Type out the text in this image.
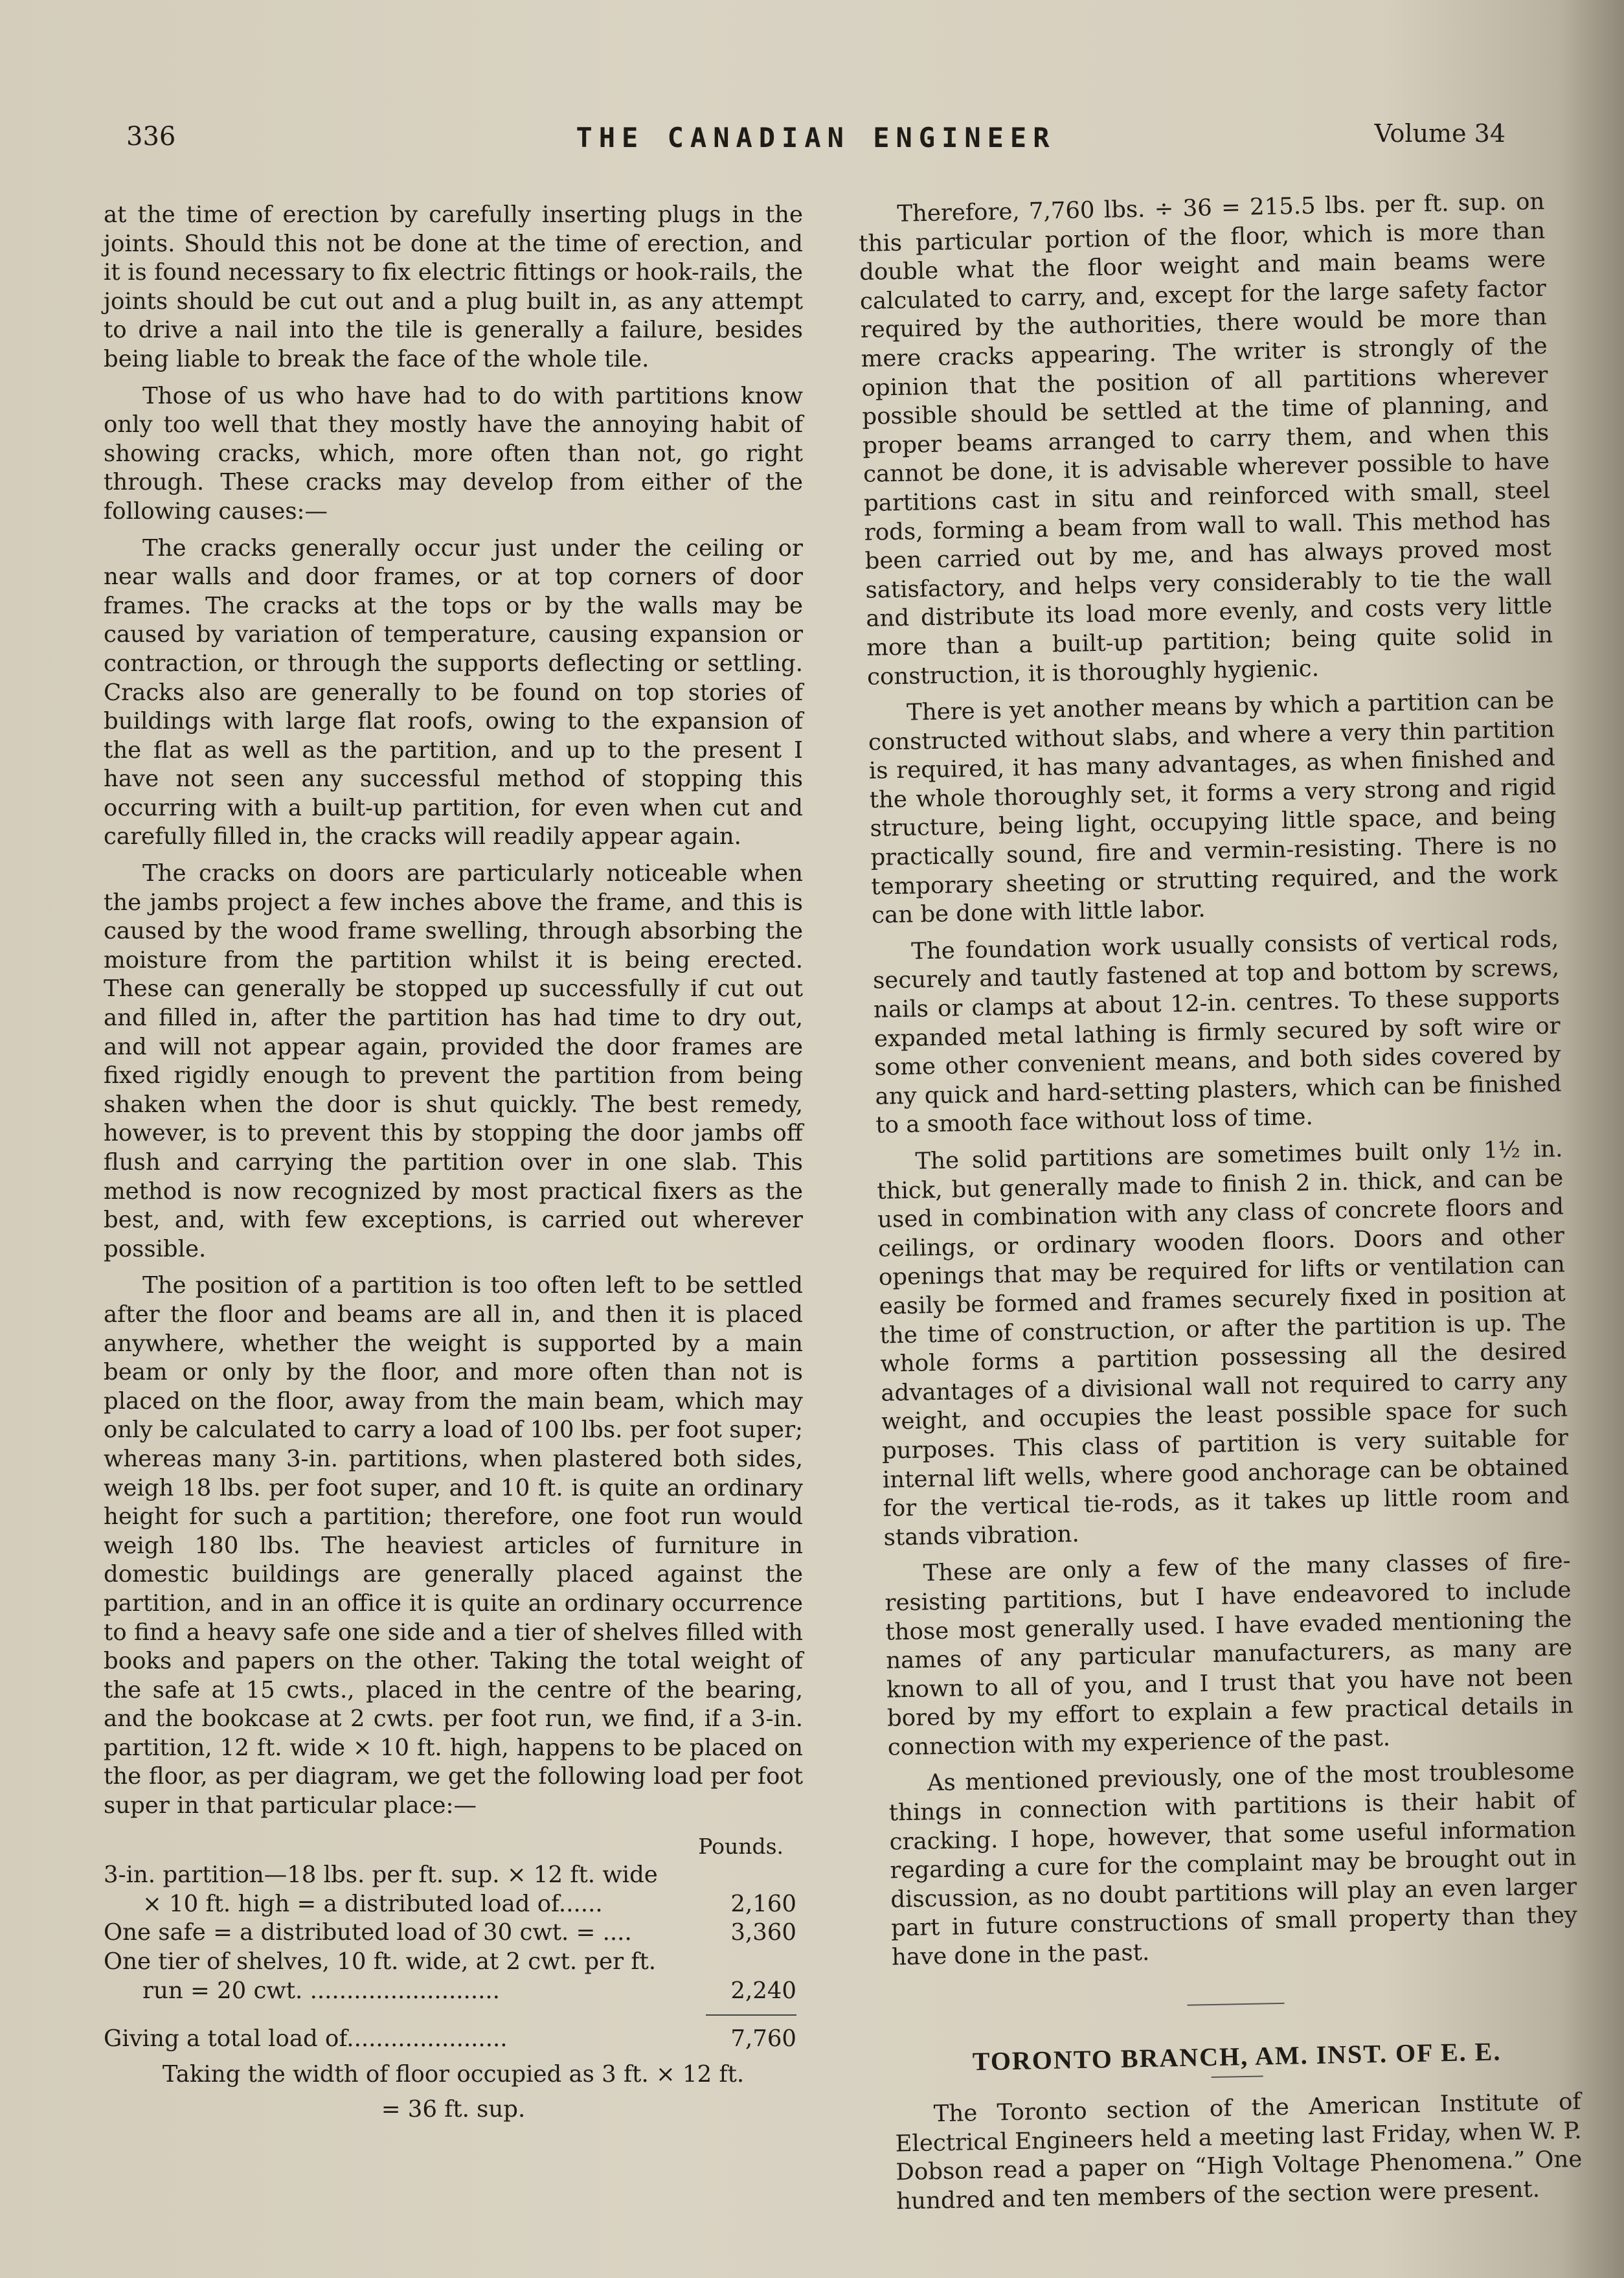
336	THE CANADIAN ENGINEER	Volume 34

at the time of erection by carefully inserting plugs in the joints. Should this not be done at the time of erection, and it is found necessary to fix electric fittings or hook-rails, the joints should be cut out and a plug built in, as any attempt to drive a nail into the tile is generally a failure, besides being liable to break the face of the whole tile.

Those of us who have had to do with partitions know only too well that they mostly have the annoying habit of showing cracks, which, more often than not, go right through. These cracks may develop from either of the following causes:—

The cracks generally occur just under the ceiling or near walls and door frames, or at top corners of door frames. The cracks at the tops or by the walls may be caused by variation of temperature, causing expansion or contraction, or through the supports deflecting or settling. Cracks also are generally to be found on top stories of buildings with large flat roofs, owing to the expansion of the flat as well as the partition, and up to the present I have not seen any successful method of stopping this occurring with a built-up partition, for even when cut and carefully filled in, the cracks will readily appear again.

The cracks on doors are particularly noticeable when the jambs project a few inches above the frame, and this is caused by the wood frame swelling, through absorbing the moisture from the partition whilst it is being erected. These can generally be stopped up successfully if cut out and filled in, after the partition has had time to dry out, and will not appear again, provided the door frames are fixed rigidly enough to prevent the partition from being shaken when the door is shut quickly. The best remedy, however, is to prevent this by stopping the door jambs off flush and carrying the partition over in one slab. This method is now recognized by most practical fixers as the best, and, with few exceptions, is carried out wherever possible.

The position of a partition is too often left to be settled after the floor and beams are all in, and then it is placed anywhere, whether the weight is supported by a main beam or only by the floor, and more often than not is placed on the floor, away from the main beam, which may only be calculated to carry a load of 100 lbs. per foot super; whereas many 3-in. partitions, when plastered both sides, weigh 18 lbs. per foot super, and 10 ft. is quite an ordinary height for such a partition; therefore, one foot run would weigh 180 lbs. The heaviest articles of furniture in domestic buildings are generally placed against the partition, and in an office it is quite an ordinary occurrence to find a heavy safe one side and a tier of shelves filled with books and papers on the other. Taking the total weight of the safe at 15 cwts., placed in the centre of the bearing, and the bookcase at 2 cwts. per foot run, we find, if a 3-in. partition, 12 ft. wide × 10 ft. high, happens to be placed on the floor, as per diagram, we get the following load per foot super in that particular place:—

Pounds.
3-in. partition—18 lbs. per ft. sup. × 12 ft. wide
× 10 ft. high = a distributed load of......	2,160
One safe = a distributed load of 30 cwt. = ....	3,360
One tier of shelves, 10 ft. wide, at 2 cwt. per ft.
run = 20 cwt. ..........................	2,240
Giving a total load of......................	7,760
Taking the width of floor occupied as 3 ft. × 12 ft.
= 36 ft. sup.

Therefore, 7,760 lbs. ÷ 36 = 215.5 lbs. per ft. sup. on this particular portion of the floor, which is more than double what the floor weight and main beams were calculated to carry, and, except for the large safety factor required by the authorities, there would be more than mere cracks appearing. The writer is strongly of the opinion that the position of all partitions wherever possible should be settled at the time of planning, and proper beams arranged to carry them, and when this cannot be done, it is advisable wherever possible to have partitions cast in situ and reinforced with small, steel rods, forming a beam from wall to wall. This method has been carried out by me, and has always proved most satisfactory, and helps very considerably to tie the wall and distribute its load more evenly, and costs very little more than a built-up partition; being quite solid in construction, it is thoroughly hygienic.

There is yet another means by which a partition can be constructed without slabs, and where a very thin partition is required, it has many advantages, as when finished and the whole thoroughly set, it forms a very strong and rigid structure, being light, occupying little space, and being practically sound, fire and vermin-resisting. There is no temporary sheeting or strutting required, and the work can be done with little labor.

The foundation work usually consists of vertical rods, securely and tautly fastened at top and bottom by screws, nails or clamps at about 12-in. centres. To these supports expanded metal lathing is firmly secured by soft wire or some other convenient means, and both sides covered by any quick and hard-setting plasters, which can be finished to a smooth face without loss of time.

The solid partitions are sometimes built only 1½ in. thick, but generally made to finish 2 in. thick, and can be used in combination with any class of concrete floors and ceilings, or ordinary wooden floors. Doors and other openings that may be required for lifts or ventilation can easily be formed and frames securely fixed in position at the time of construction, or after the partition is up. The whole forms a partition possessing all the desired advantages of a divisional wall not required to carry any weight, and occupies the least possible space for such purposes. This class of partition is very suitable for internal lift wells, where good anchorage can be obtained for the vertical tie-rods, as it takes up little room and stands vibration.

These are only a few of the many classes of fire-resisting partitions, but I have endeavored to include those most generally used. I have evaded mentioning the names of any particular manufacturers, as many are known to all of you, and I trust that you have not been bored by my effort to explain a few practical details in connection with my experience of the past.

As mentioned previously, one of the most troublesome things in connection with partitions is their habit of cracking. I hope, however, that some useful information regarding a cure for the complaint may be brought out in discussion, as no doubt partitions will play an even larger part in future constructions of small property than they have done in the past.

TORONTO BRANCH, AM. INST. OF E. E.

The Toronto section of the American Institute of Electrical Engineers held a meeting last Friday, when W. P. Dobson read a paper on “High Voltage Phenomena.” One hundred and ten members of the section were present.
